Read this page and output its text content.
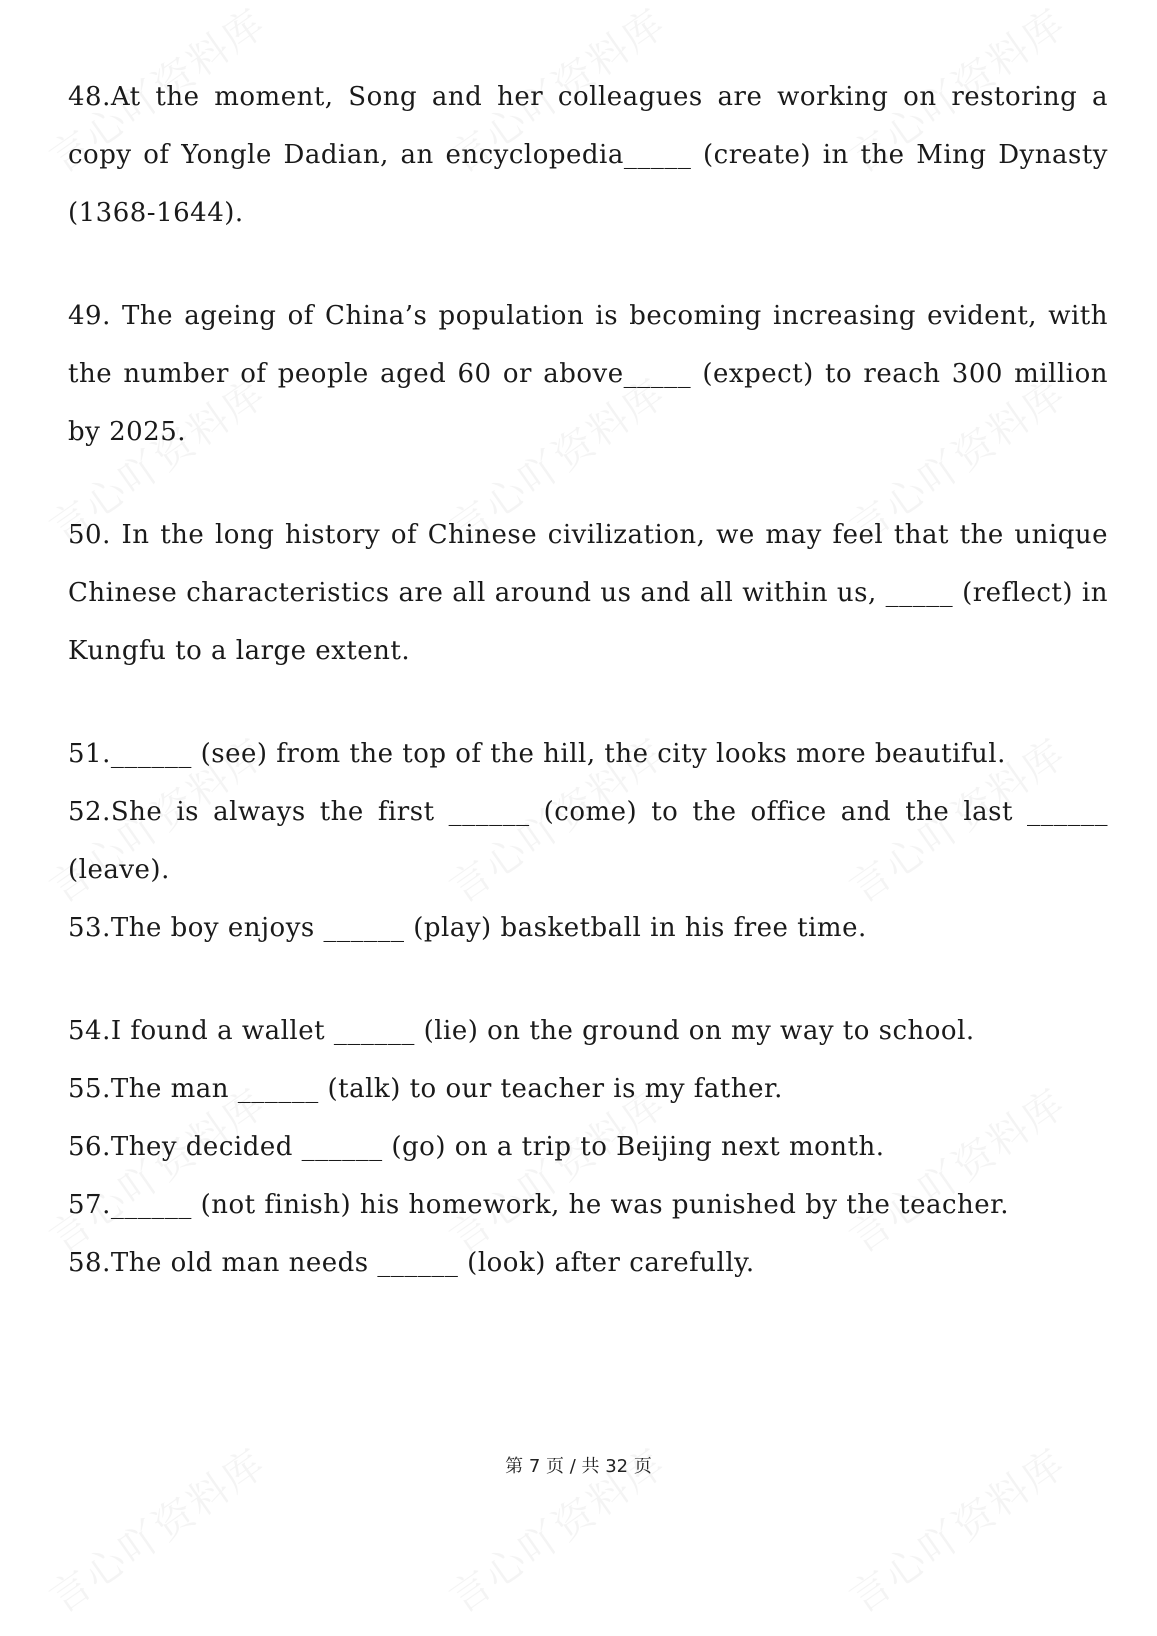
48.At the moment, Song and her colleagues are working on restoring a copy of Yongle Dadian, an encyclopedia_____ (create) in the Ming Dynasty (1368-1644).

49. The ageing of China’s population is becoming increasing evident, with the number of people aged 60 or above_____ (expect) to reach 300 million by 2025.

50. In the long history of Chinese civilization, we may feel that the unique Chinese characteristics are all around us and all within us, _____ (reflect) in Kungfu to a large extent.

51.______ (see) from the top of the hill, the city looks more beautiful.

52.She is always the first ______ (come) to the office and the last ______ (leave).

53.The boy enjoys ______ (play) basketball in his free time.

54.I found a wallet ______ (lie) on the ground on my way to school.

55.The man ______ (talk) to our teacher is my father.

56.They decided ______ (go) on a trip to Beijing next month.

57.______ (not finish) his homework, he was punished by the teacher.

58.The old man needs ______ (look) after carefully.

第 7 页 / 共 32 页
